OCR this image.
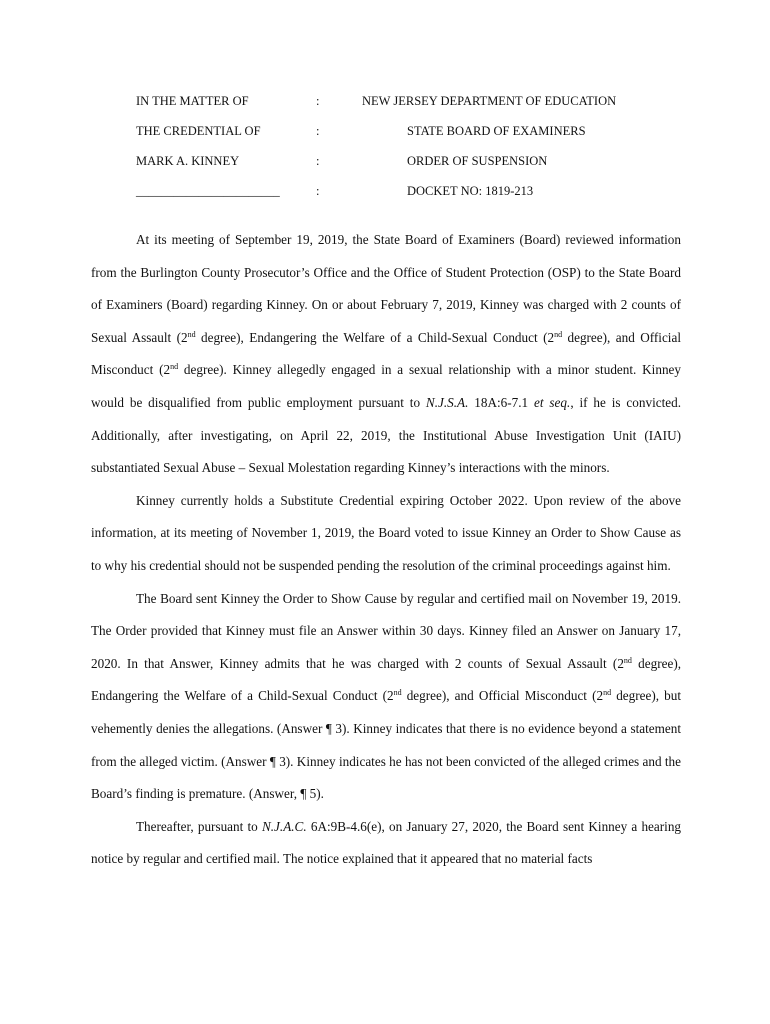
IN THE MATTER OF	:	NEW JERSEY DEPARTMENT OF EDUCATION
THE CREDENTIAL OF	:	STATE BOARD OF EXAMINERS
MARK A. KINNEY	:	ORDER OF SUSPENSION
_______________________	:	DOCKET NO: 1819-213

At its meeting of September 19, 2019, the State Board of Examiners (Board) reviewed information from the Burlington County Prosecutor’s Office and the Office of Student Protection (OSP) to the State Board of Examiners (Board) regarding Kinney. On or about February 7, 2019, Kinney was charged with 2 counts of Sexual Assault (2nd degree), Endangering the Welfare of a Child-Sexual Conduct (2nd degree), and Official Misconduct (2nd degree). Kinney allegedly engaged in a sexual relationship with a minor student. Kinney would be disqualified from public employment pursuant to N.J.S.A. 18A:6-7.1 et seq., if he is convicted. Additionally, after investigating, on April 22, 2019, the Institutional Abuse Investigation Unit (IAIU) substantiated Sexual Abuse – Sexual Molestation regarding Kinney’s interactions with the minors.

Kinney currently holds a Substitute Credential expiring October 2022. Upon review of the above information, at its meeting of November 1, 2019, the Board voted to issue Kinney an Order to Show Cause as to why his credential should not be suspended pending the resolution of the criminal proceedings against him.

The Board sent Kinney the Order to Show Cause by regular and certified mail on November 19, 2019. The Order provided that Kinney must file an Answer within 30 days. Kinney filed an Answer on January 17, 2020. In that Answer, Kinney admits that he was charged with 2 counts of Sexual Assault (2nd degree), Endangering the Welfare of a Child-Sexual Conduct (2nd degree), and Official Misconduct (2nd degree), but vehemently denies the allegations. (Answer ¶ 3). Kinney indicates that there is no evidence beyond a statement from the alleged victim. (Answer ¶ 3). Kinney indicates he has not been convicted of the alleged crimes and the Board’s finding is premature. (Answer, ¶ 5).

Thereafter, pursuant to N.J.A.C. 6A:9B-4.6(e), on January 27, 2020, the Board sent Kinney a hearing notice by regular and certified mail. The notice explained that it appeared that no material facts
